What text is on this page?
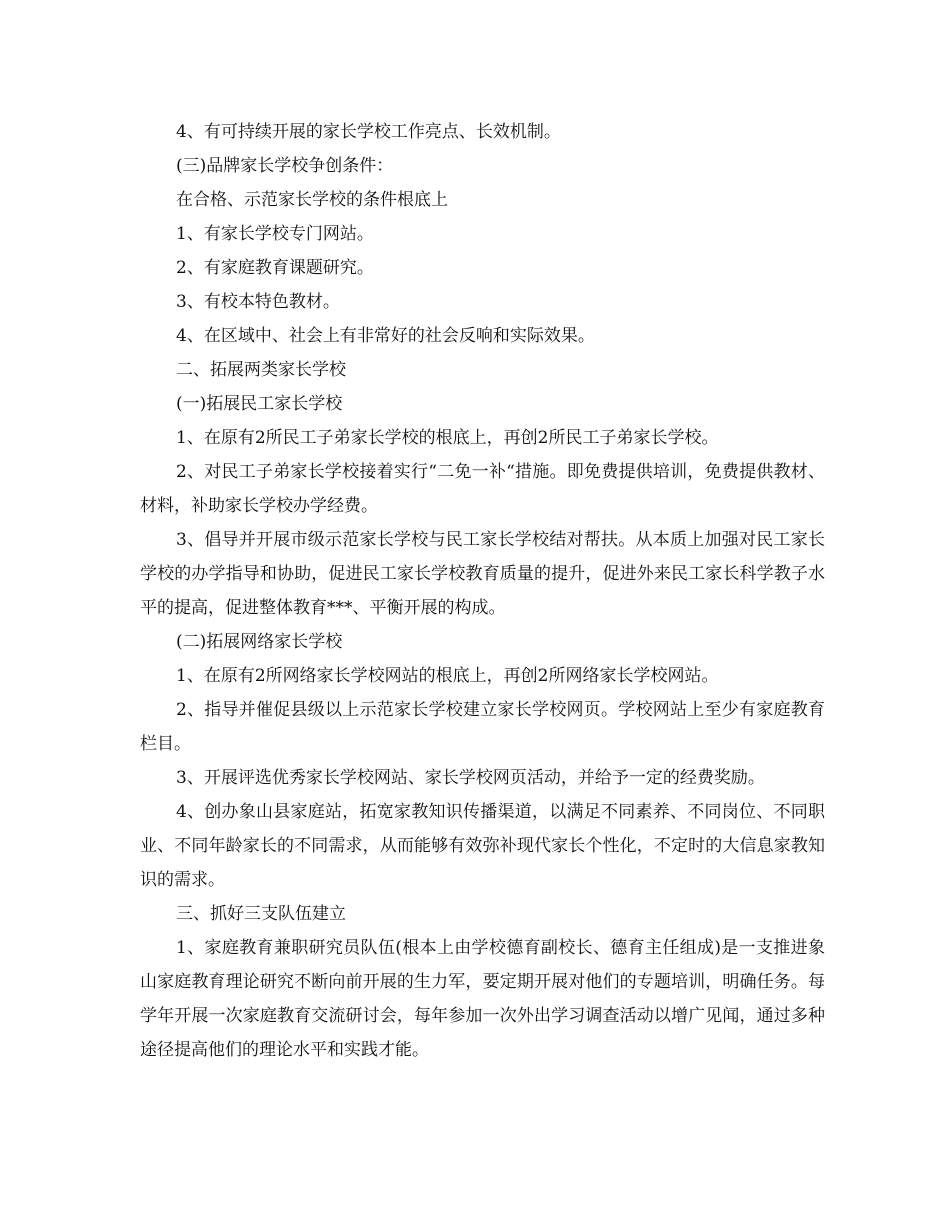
4、有可持续开展的家长学校工作亮点、长效机制。

(三)品牌家长学校争创条件：

在合格、示范家长学校的条件根底上

1、有家长学校专门网站。

2、有家庭教育课题研究。

3、有校本特色教材。

4、在区域中、社会上有非常好的社会反响和实际效果。

二、拓展两类家长学校

(一)拓展民工家长学校

1、在原有2所民工子弟家长学校的根底上，再创2所民工子弟家长学校。

2、对民工子弟家长学校接着实行“二免一补“措施。即免费提供培训，免费提供教材、材料，补助家长学校办学经费。

3、倡导并开展市级示范家长学校与民工家长学校结对帮扶。从本质上加强对民工家长学校的办学指导和协助，促进民工家长学校教育质量的提升，促进外来民工家长科学教子水平的提高，促进整体教育***、平衡开展的构成。

(二)拓展网络家长学校

1、在原有2所网络家长学校网站的根底上，再创2所网络家长学校网站。

2、指导并催促县级以上示范家长学校建立家长学校网页。学校网站上至少有家庭教育栏目。

3、开展评选优秀家长学校网站、家长学校网页活动，并给予一定的经费奖励。

4、创办象山县家庭站，拓宽家教知识传播渠道，以满足不同素养、不同岗位、不同职业、不同年龄家长的不同需求，从而能够有效弥补现代家长个性化，不定时的大信息家教知识的需求。

三、抓好三支队伍建立

1、家庭教育兼职研究员队伍(根本上由学校德育副校长、德育主任组成)是一支推进象山家庭教育理论研究不断向前开展的生力军，要定期开展对他们的专题培训，明确任务。每学年开展一次家庭教育交流研讨会，每年参加一次外出学习调查活动以增广见闻，通过多种途径提高他们的理论水平和实践才能。
